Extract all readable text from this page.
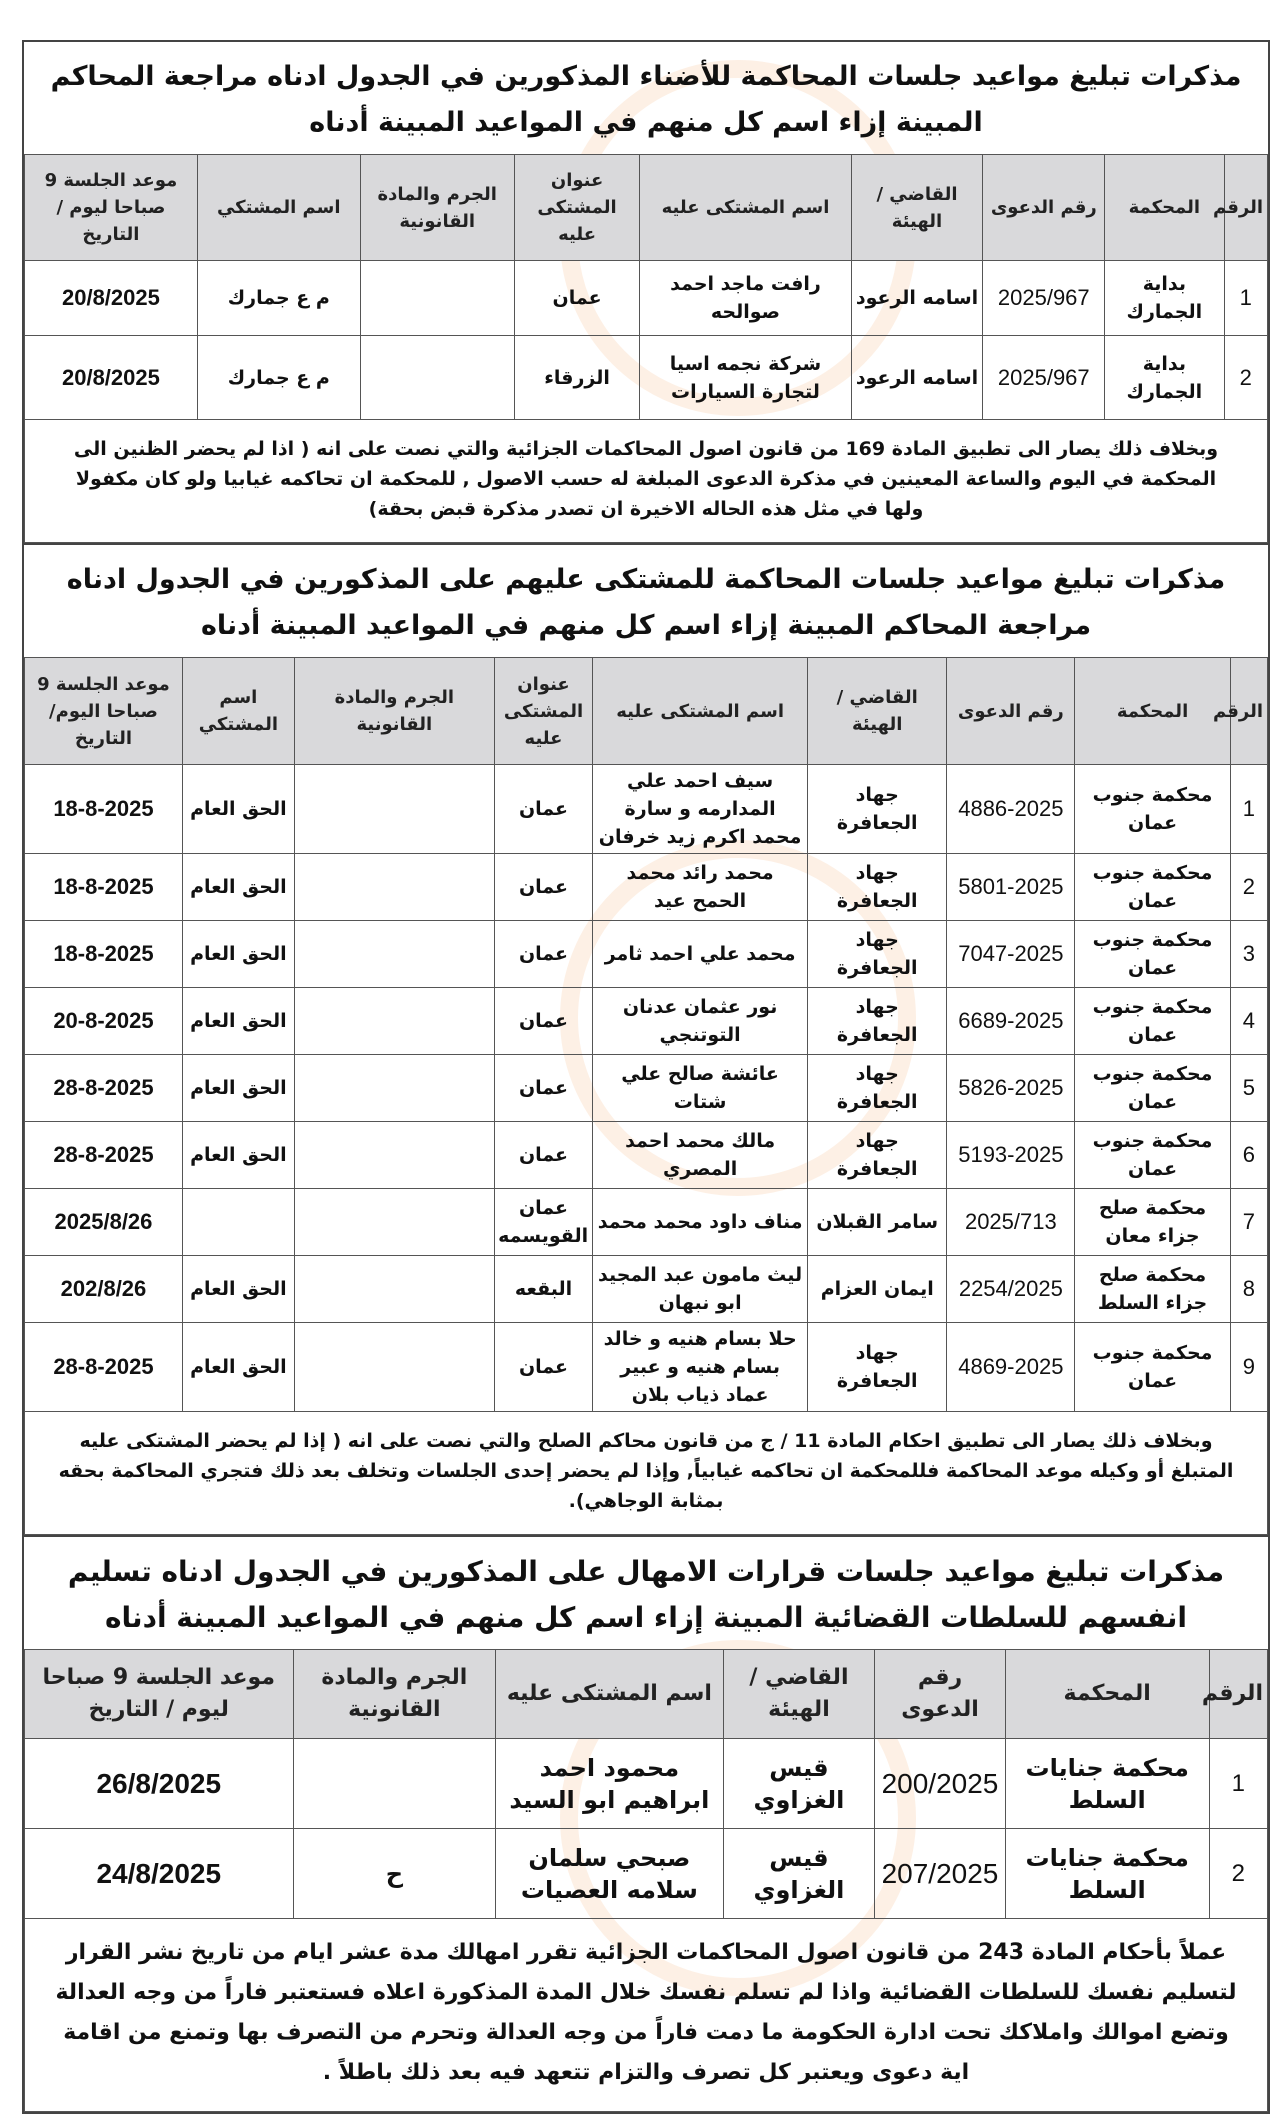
مذكرات تبليغ مواعيد جلسات المحاكمة للأضناء المذكورين في الجدول ادناه مراجعة المحاكم المبينة إزاء اسم كل منهم في المواعيد المبينة أدناه
الرقم	المحكمة	رقم الدعوى	القاضي / الهيئة	اسم المشتكى عليه	عنوان المشتكى عليه	الجرم والمادة القانونية	اسم المشتكي	موعد الجلسة 9 صباحا ليوم / التاريخ
1	بداية الجمارك	2025/967	اسامه الرعود	رافت ماجد احمد صوالحه	عمان		م ع جمارك	20/8/2025
2	بداية الجمارك	2025/967	اسامه الرعود	شركة نجمه اسيا لتجارة السيارات	الزرقاء		م ع جمارك	20/8/2025
وبخلاف ذلك يصار الى تطبيق المادة 169 من قانون اصول المحاكمات الجزائية والتي نصت على انه ( اذا لم يحضر الظنين الى المحكمة في اليوم والساعة المعينين في مذكرة الدعوى المبلغة له حسب الاصول , للمحكمة ان تحاكمه غيابيا ولو كان مكفولا ولها في مثل هذه الحاله الاخيرة ان تصدر مذكرة قبض بحقة)								
مذكرات تبليغ مواعيد جلسات المحاكمة للمشتكى عليهم على المذكورين في الجدول ادناه مراجعة المحاكم المبينة إزاء اسم كل منهم في المواعيد المبينة أدناه
الرقم	المحكمة	رقم الدعوى	القاضي / الهيئة	اسم المشتكى عليه	عنوان المشتكى عليه	الجرم والمادة القانونية	اسم المشتكي	موعد الجلسة 9 صباحا اليوم/التاريخ
1	محكمة جنوب عمان	4886-2025	جهاد الجعافرة	سيف احمد علي المدارمه و سارة محمد اكرم زيد خرفان	عمان		الحق العام	18-8-2025
2	محكمة جنوب عمان	5801-2025	جهاد الجعافرة	محمد رائد محمد الحمح عيد	عمان		الحق العام	18-8-2025
3	محكمة جنوب عمان	7047-2025	جهاد الجعافرة	محمد علي احمد ثامر	عمان		الحق العام	18-8-2025
4	محكمة جنوب عمان	6689-2025	جهاد الجعافرة	نور عثمان عدنان التوتنجي	عمان		الحق العام	20-8-2025
5	محكمة جنوب عمان	5826-2025	جهاد الجعافرة	عائشة صالح علي شتات	عمان		الحق العام	28-8-2025
6	محكمة جنوب عمان	5193-2025	جهاد الجعافرة	مالك محمد احمد المصري	عمان		الحق العام	28-8-2025
7	محكمة صلح جزاء معان	2025/713	سامر القبلان	مناف داود محمد محمد	عمان القويسمه			2025/8/26
8	محكمة صلح جزاء السلط	2254/2025	ايمان العزام	ليث مامون عبد المجيد ابو نبهان	البقعه		الحق العام	202/8/26
9	محكمة جنوب عمان	4869-2025	جهاد الجعافرة	حلا بسام هنيه و خالد بسام هنيه و عبير عماد ذياب بلان	عمان		الحق العام	28-8-2025
وبخلاف ذلك يصار الى تطبيق احكام المادة 11 / ج من قانون محاكم الصلح والتي نصت على انه ( إذا لم يحضر المشتكى عليه المتبلغ أو وكيله موعد المحاكمة فللمحكمة ان تحاكمه غيابياً, وإذا لم يحضر إحدى الجلسات وتخلف بعد ذلك فتجري المحاكمة بحقه بمثابة الوجاهي).								
مذكرات تبليغ مواعيد جلسات قرارات الامهال على المذكورين في الجدول ادناه تسليم انفسهم للسلطات القضائية المبينة إزاء اسم كل منهم في المواعيد المبينة أدناه
الرقم	المحكمة	رقم الدعوى	القاضي / الهيئة	اسم المشتكى عليه	الجرم والمادة القانونية	موعد الجلسة 9 صباحا ليوم / التاريخ
1	محكمة جنايات السلط	200/2025	قيس الغزاوي	محمود احمد ابراهيم ابو السيد		26/8/2025
2	محكمة جنايات السلط	207/2025	قيس الغزاوي	صبحي سلمان سلامه العصيات	ح	24/8/2025
عملاً بأحكام المادة 243 من قانون اصول المحاكمات الجزائية تقرر امهالك مدة عشر ايام من تاريخ نشر القرار لتسليم نفسك للسلطات القضائية واذا لم تسلم نفسك خلال المدة المذكورة اعلاه فستعتبر فاراً من وجه العدالة وتضع اموالك واملاكك تحت ادارة الحكومة ما دمت فاراً من وجه العدالة وتحرم من التصرف بها وتمنع من اقامة اية دعوى ويعتبر كل تصرف والتزام تتعهد فيه بعد ذلك باطلاً .						
